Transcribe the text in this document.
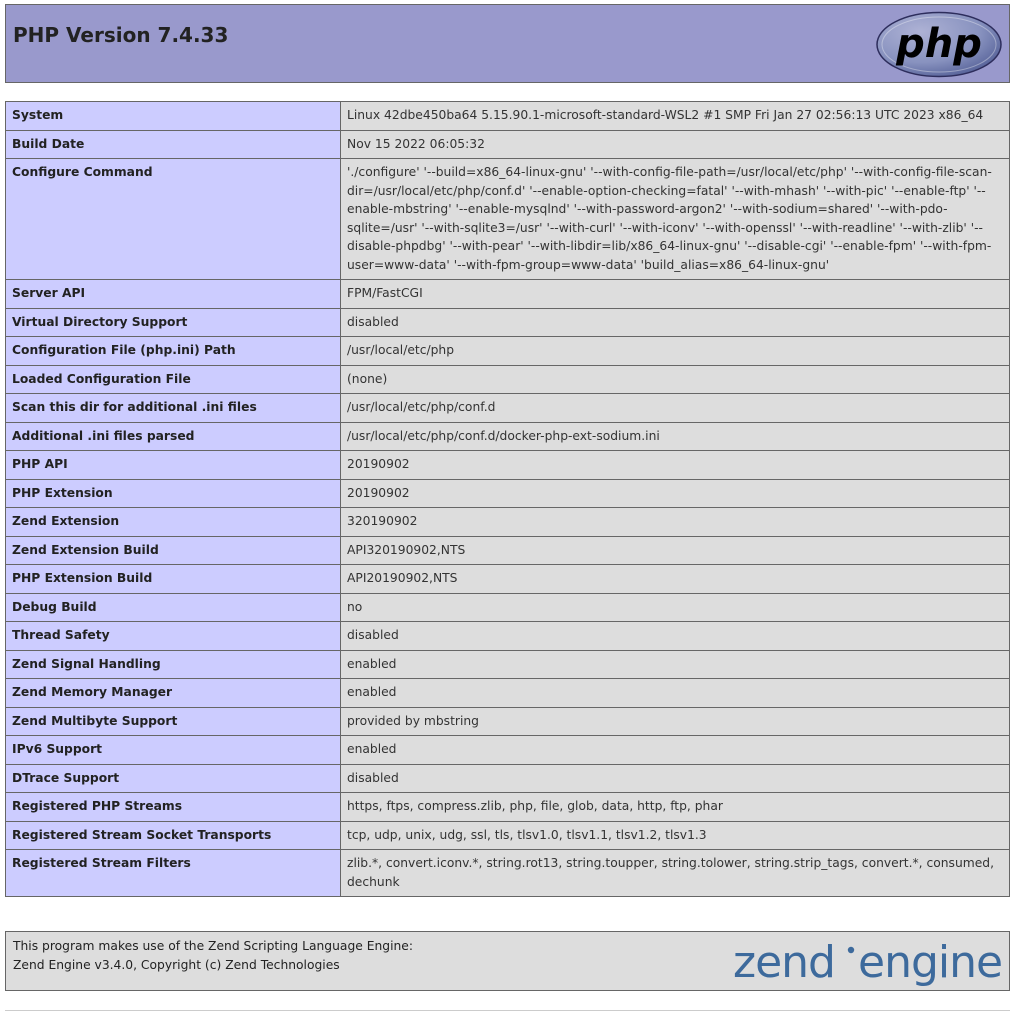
PHP Version 7.4.33	php
System	Linux 42dbe450ba64 5.15.90.1-microsoft-standard-WSL2 #1 SMP Fri Jan 27 02:56:13 UTC 2023 x86_64
Build Date	Nov 15 2022 06:05:32
Configure Command	'./configure' '--build=x86_64-linux-gnu' '--with-config-file-path=/usr/local/etc/php' '--with-config-file-scan-dir=/usr/local/etc/php/conf.d' '--enable-option-checking=fatal' '--with-mhash' '--with-pic' '--enable-ftp' '--enable-mbstring' '--enable-mysqlnd' '--with-password-argon2' '--with-sodium=shared' '--with-pdo-sqlite=/usr' '--with-sqlite3=/usr' '--with-curl' '--with-iconv' '--with-openssl' '--with-readline' '--with-zlib' '--disable-phpdbg' '--with-pear' '--with-libdir=lib/x86_64-linux-gnu' '--disable-cgi' '--enable-fpm' '--with-fpm-user=www-data' '--with-fpm-group=www-data' 'build_alias=x86_64-linux-gnu'
Server API	FPM/FastCGI
Virtual Directory Support	disabled
Configuration File (php.ini) Path	/usr/local/etc/php
Loaded Configuration File	(none)
Scan this dir for additional .ini files	/usr/local/etc/php/conf.d
Additional .ini files parsed	/usr/local/etc/php/conf.d/docker-php-ext-sodium.ini
PHP API	20190902
PHP Extension	20190902
Zend Extension	320190902
Zend Extension Build	API320190902,NTS
PHP Extension Build	API20190902,NTS
Debug Build	no
Thread Safety	disabled
Zend Signal Handling	enabled
Zend Memory Manager	enabled
Zend Multibyte Support	provided by mbstring
IPv6 Support	enabled
DTrace Support	disabled
Registered PHP Streams	https, ftps, compress.zlib, php, file, glob, data, http, ftp, phar
Registered Stream Socket Transports	tcp, udp, unix, udg, ssl, tls, tlsv1.0, tlsv1.1, tlsv1.2, tlsv1.3
Registered Stream Filters	zlib.*, convert.iconv.*, string.rot13, string.toupper, string.tolower, string.strip_tags, convert.*, consumed, dechunk
This program makes use of the Zend Scripting Language Engine:
Zend Engine v3.4.0, Copyright (c) Zend Technologies	zend engine
